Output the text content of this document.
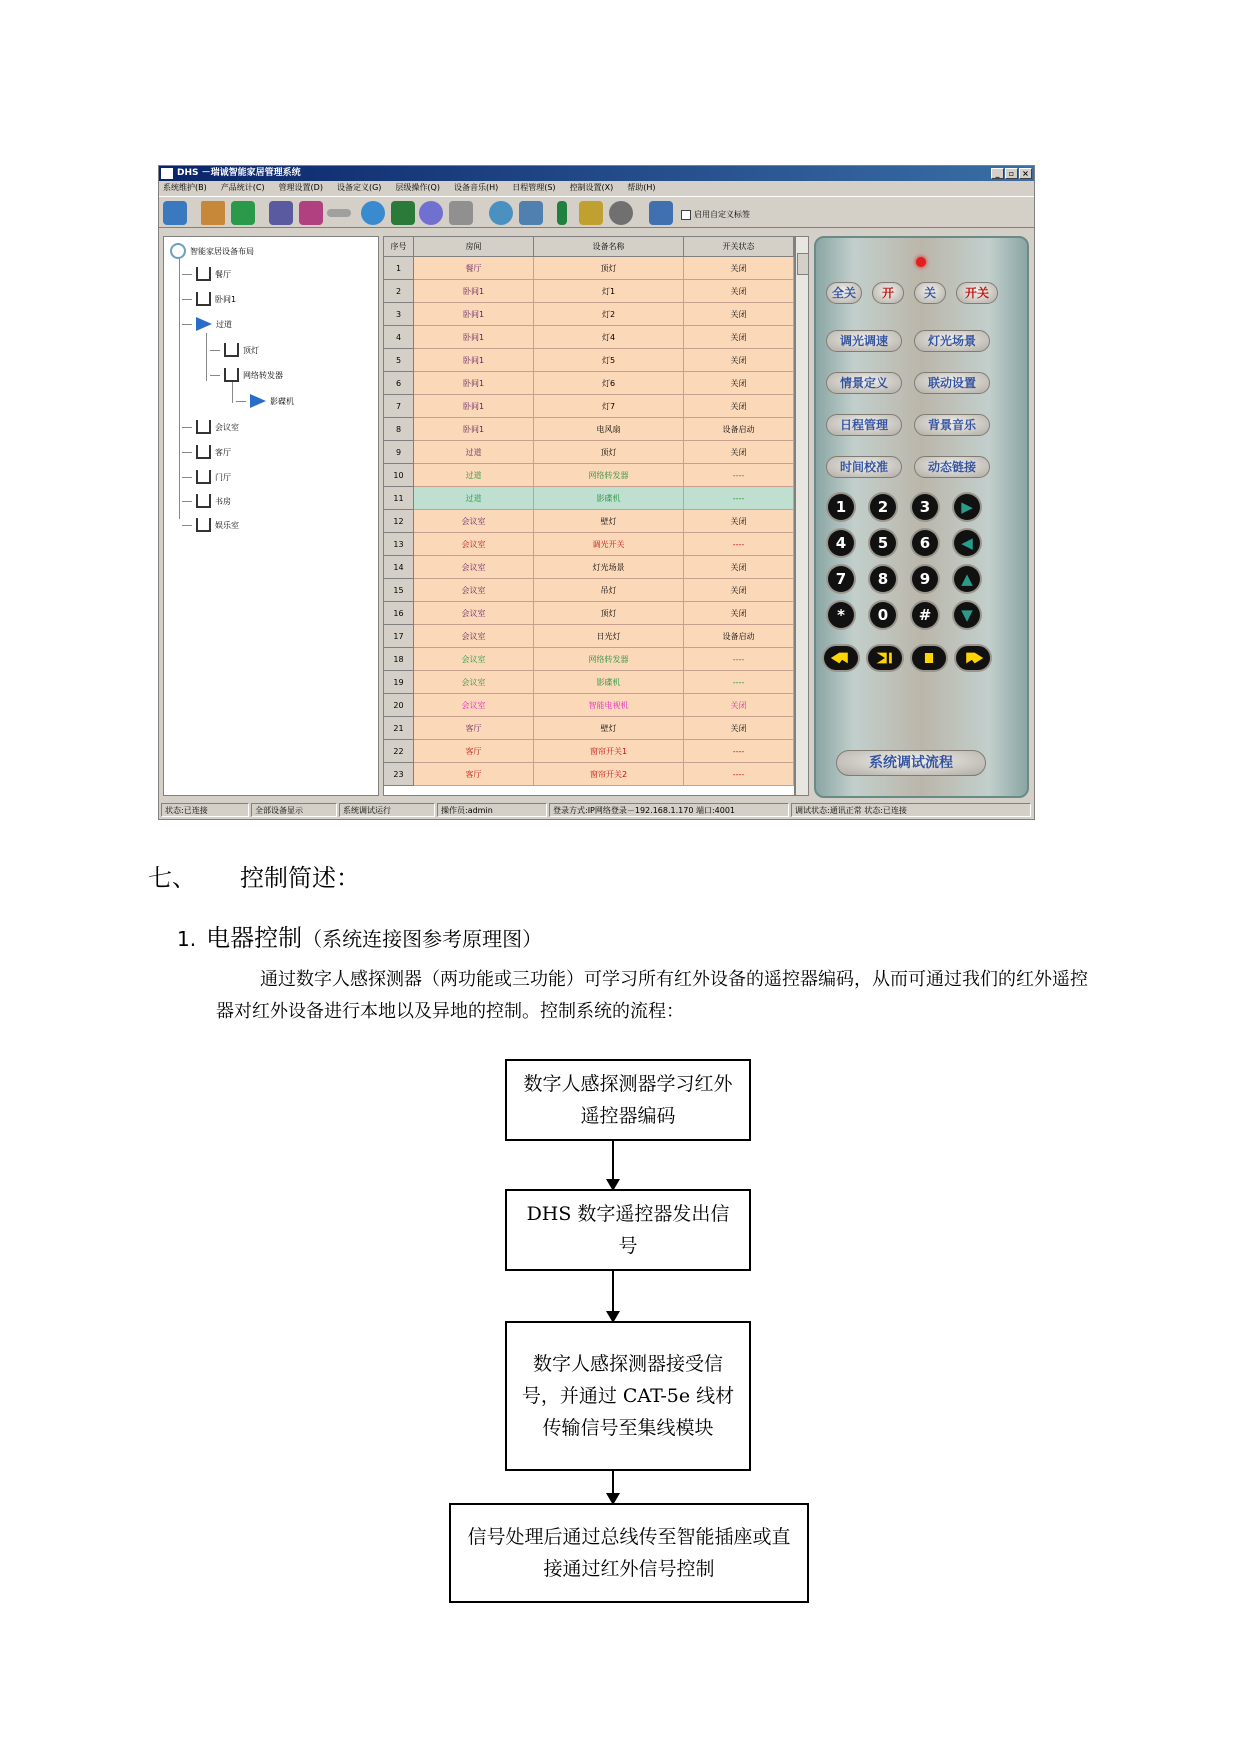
DHS －瑞诚智能家居管理系统	_	▫ ×
系统维护(B) 产品统计(C) 管理设置(D) 设备定义(G) 层级操作(Q) 设备音乐(H) 日程管理(S) 控制设置(X) 帮助(H)
启用自定义标签
智能家居设备布局
餐厅
卧间1
过道
顶灯
网络转发器
影碟机
会议室
客厅
门厅
书房
娱乐室
序号	房间	设备名称	开关状态
1	餐厅	顶灯	关闭
2	卧间1	灯1	关闭
3	卧间1	灯2	关闭
4	卧间1	灯4	关闭
5	卧间1	灯5	关闭
6	卧间1	灯6	关闭
7	卧间1	灯7	关闭
8	卧间1	电风扇	设备启动
9	过道	顶灯	关闭
10	过道	网络转发器	----
11	过道	影碟机	----
12	会议室	壁灯	关闭
13	会议室	调光开关	----
14	会议室	灯光场景	关闭
15	会议室	吊灯	关闭
16	会议室	顶灯	关闭
17	会议室	日光灯	设备启动
18	会议室	网络转发器	----
19	会议室	影碟机	----
20	会议室	智能电视机	关闭
21	客厅	壁灯	关闭
22	客厅	窗帘开关1	----
23	客厅	窗帘开关2	----
全关	开	关	开关
调光调速	灯光场景
情景定义	联动设置
日程管理	背景音乐
时间校准	动态链接
1	2	3	▶
4	5	6	◀
7	8	9	▲
*	0	#	▼
系统调试流程
状态:已连接	全部设备显示	系统调试运行	操作员:admin	登录方式:IP网络登录－192.168.1.170 端口:4001	调试状态:通讯正常 状态:已连接
七、 控制简述：
1. 电器控制（系统连接图参考原理图）
通过数字人感探测器（两功能或三功能）可学习所有红外设备的遥控器编码，从而可通过我们的红外遥控器对红外设备进行本地以及异地的控制。控制系统的流程：
数字人感探测器学习红外遥控器编码
DHS 数字遥控器发出信号
数字人感探测器接受信号，并通过 CAT-5e 线材传输信号至集线模块
信号处理后通过总线传至智能插座或直接通过红外信号控制
